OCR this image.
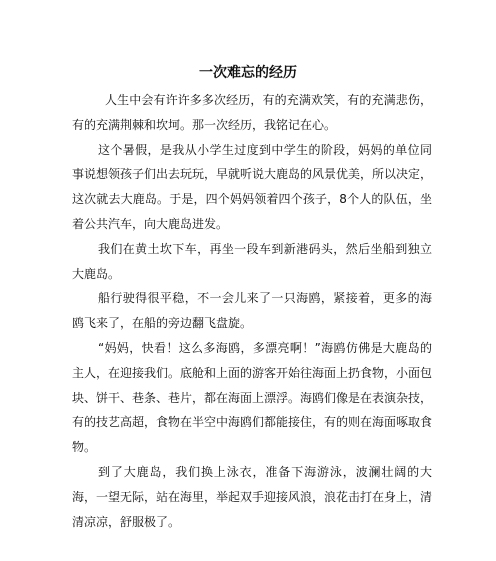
一次难忘的经历

人生中会有许许多多次经历，有的充满欢笑，有的充满悲伤，有的充满荆棘和坎坷。那一次经历，我铭记在心。

这个暑假，是我从小学生过度到中学生的阶段，妈妈的单位同事说想领孩子们出去玩玩，早就听说大鹿岛的风景优美，所以决定，这次就去大鹿岛。于是，四个妈妈领着四个孩子，8个人的队伍，坐着公共汽车，向大鹿岛进发。

我们在黄土坎下车，再坐一段车到新港码头，然后坐船到独立大鹿岛。

船行驶得很平稳，不一会儿来了一只海鸥，紧接着，更多的海鸥飞来了，在船的旁边翻飞盘旋。

“妈妈，快看！这么多海鸥，多漂亮啊！”海鸥仿佛是大鹿岛的主人，在迎接我们。底舱和上面的游客开始往海面上扔食物，小面包块、饼干、巷条、巷片，都在海面上漂浮。海鸥们像是在表演杂技，有的技艺高超，食物在半空中海鸥们都能接住，有的则在海面啄取食物。

到了大鹿岛，我们换上泳衣，准备下海游泳，波澜壮阔的大海，一望无际，站在海里，举起双手迎接风浪，浪花击打在身上，清清凉凉，舒服极了。
